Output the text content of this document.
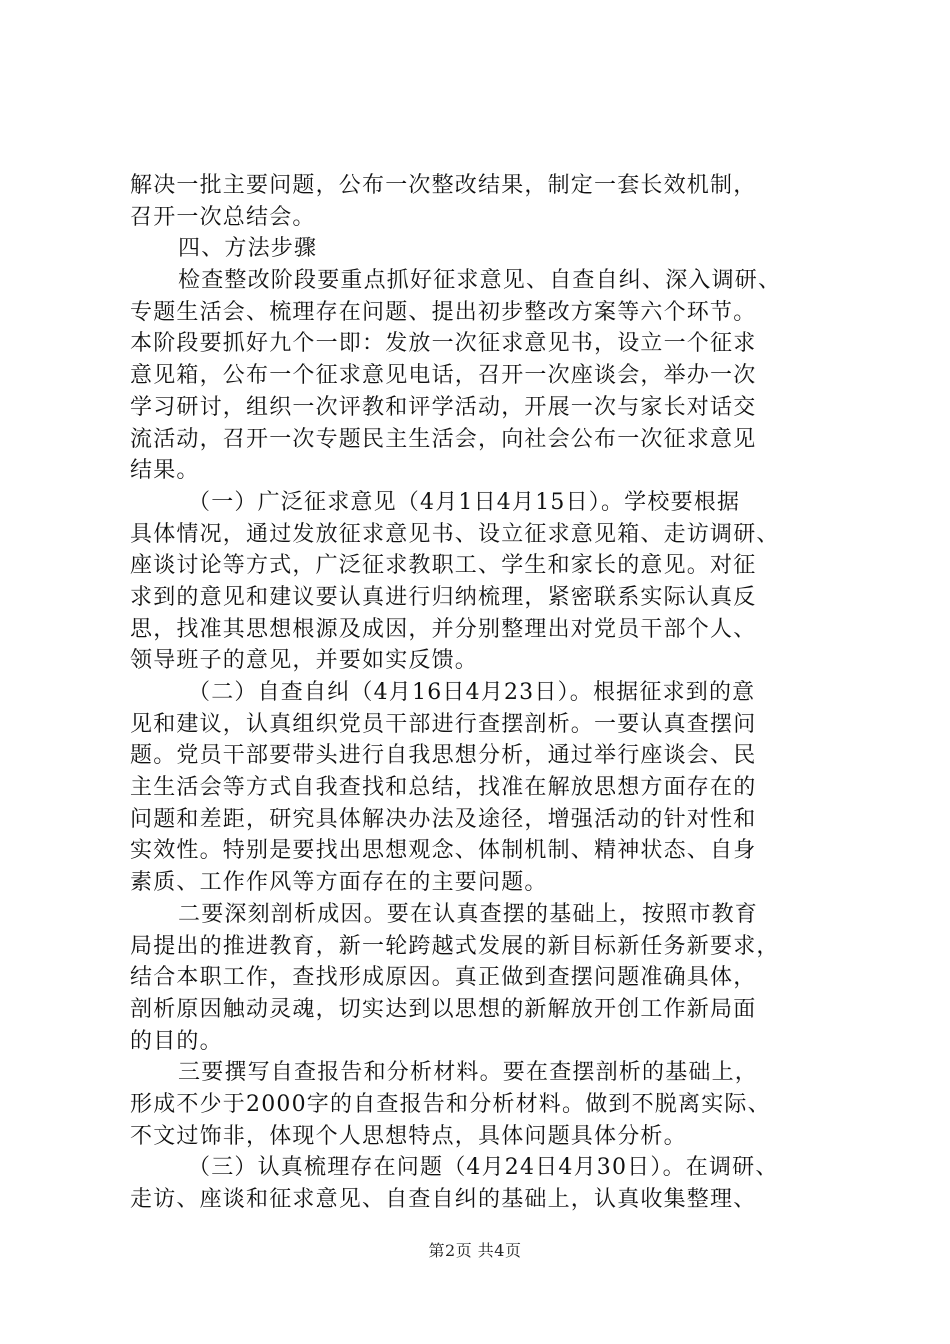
解决一批主要问题，公布一次整改结果，制定一套长效机制，
召开一次总结会。
四、方法步骤
检查整改阶段要重点抓好征求意见、自查自纠、深入调研、
专题生活会、梳理存在问题、提出初步整改方案等六个环节。
本阶段要抓好九个一即：发放一次征求意见书，设立一个征求
意见箱，公布一个征求意见电话，召开一次座谈会，举办一次
学习研讨，组织一次评教和评学活动，开展一次与家长对话交
流活动，召开一次专题民主生活会，向社会公布一次征求意见
结果。
（一）广泛征求意见（4月1日4月15日）。学校要根据
具体情况，通过发放征求意见书、设立征求意见箱、走访调研、
座谈讨论等方式，广泛征求教职工、学生和家长的意见。对征
求到的意见和建议要认真进行归纳梳理，紧密联系实际认真反
思，找准其思想根源及成因，并分别整理出对党员干部个人、
领导班子的意见，并要如实反馈。
（二）自查自纠（4月16日4月23日）。根据征求到的意
见和建议，认真组织党员干部进行查摆剖析。一要认真查摆问
题。党员干部要带头进行自我思想分析，通过举行座谈会、民
主生活会等方式自我查找和总结，找准在解放思想方面存在的
问题和差距，研究具体解决办法及途径，增强活动的针对性和
实效性。特别是要找出思想观念、体制机制、精神状态、自身
素质、工作作风等方面存在的主要问题。
二要深刻剖析成因。要在认真查摆的基础上，按照市教育
局提出的推进教育，新一轮跨越式发展的新目标新任务新要求，
结合本职工作，查找形成原因。真正做到查摆问题准确具体，
剖析原因触动灵魂，切实达到以思想的新解放开创工作新局面
的目的。
三要撰写自查报告和分析材料。要在查摆剖析的基础上，
形成不少于2000字的自查报告和分析材料。做到不脱离实际、
不文过饰非，体现个人思想特点，具体问题具体分析。
（三）认真梳理存在问题（4月24日4月30日）。在调研、
走访、座谈和征求意见、自查自纠的基础上，认真收集整理、
第2页 共4页
